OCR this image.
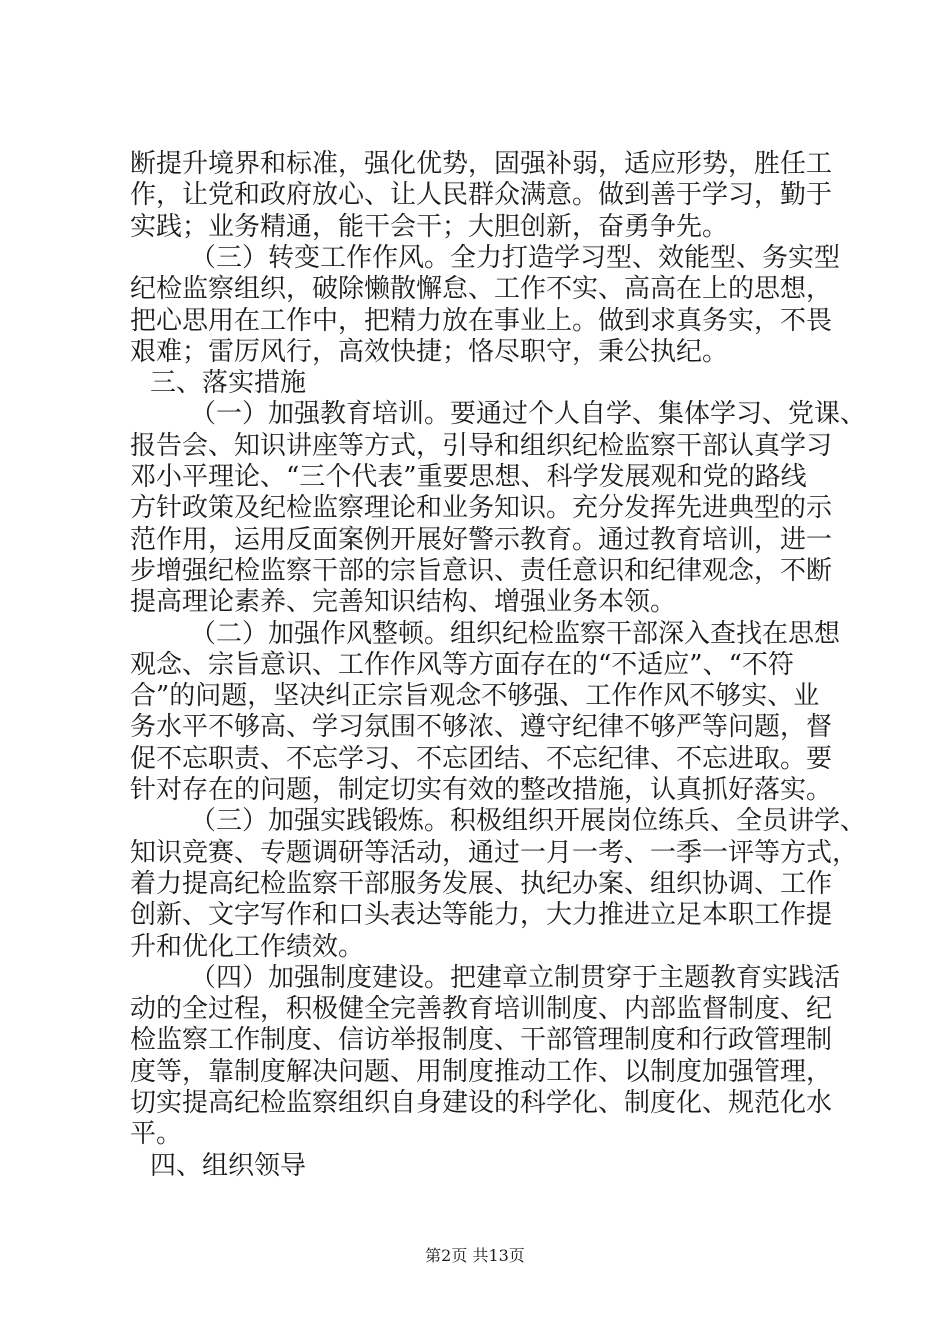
断提升境界和标准，强化优势，固强补弱，适应形势，胜任工
作，让党和政府放心、让人民群众满意。做到善于学习，勤于
实践；业务精通，能干会干；大胆创新，奋勇争先。
（三）转变工作作风。全力打造学习型、效能型、务实型
纪检监察组织，破除懒散懈怠、工作不实、高高在上的思想，
把心思用在工作中，把精力放在事业上。做到求真务实，不畏
艰难；雷厉风行，高效快捷；恪尽职守，秉公执纪。
三、落实措施
（一）加强教育培训。要通过个人自学、集体学习、党课、
报告会、知识讲座等方式，引导和组织纪检监察干部认真学习
邓小平理论、“三个代表”重要思想、科学发展观和党的路线
方针政策及纪检监察理论和业务知识。充分发挥先进典型的示
范作用，运用反面案例开展好警示教育。通过教育培训，进一
步增强纪检监察干部的宗旨意识、责任意识和纪律观念，不断
提高理论素养、完善知识结构、增强业务本领。
（二）加强作风整顿。组织纪检监察干部深入查找在思想
观念、宗旨意识、工作作风等方面存在的“不适应”、“不符
合”的问题，坚决纠正宗旨观念不够强、工作作风不够实、业
务水平不够高、学习氛围不够浓、遵守纪律不够严等问题，督
促不忘职责、不忘学习、不忘团结、不忘纪律、不忘进取。要
针对存在的问题，制定切实有效的整改措施，认真抓好落实。
（三）加强实践锻炼。积极组织开展岗位练兵、全员讲学、
知识竞赛、专题调研等活动，通过一月一考、一季一评等方式，
着力提高纪检监察干部服务发展、执纪办案、组织协调、工作
创新、文字写作和口头表达等能力，大力推进立足本职工作提
升和优化工作绩效。
（四）加强制度建设。把建章立制贯穿于主题教育实践活
动的全过程，积极健全完善教育培训制度、内部监督制度、纪
检监察工作制度、信访举报制度、干部管理制度和行政管理制
度等，靠制度解决问题、用制度推动工作、以制度加强管理，
切实提高纪检监察组织自身建设的科学化、制度化、规范化水
平。
四、组织领导
第2页 共13页
